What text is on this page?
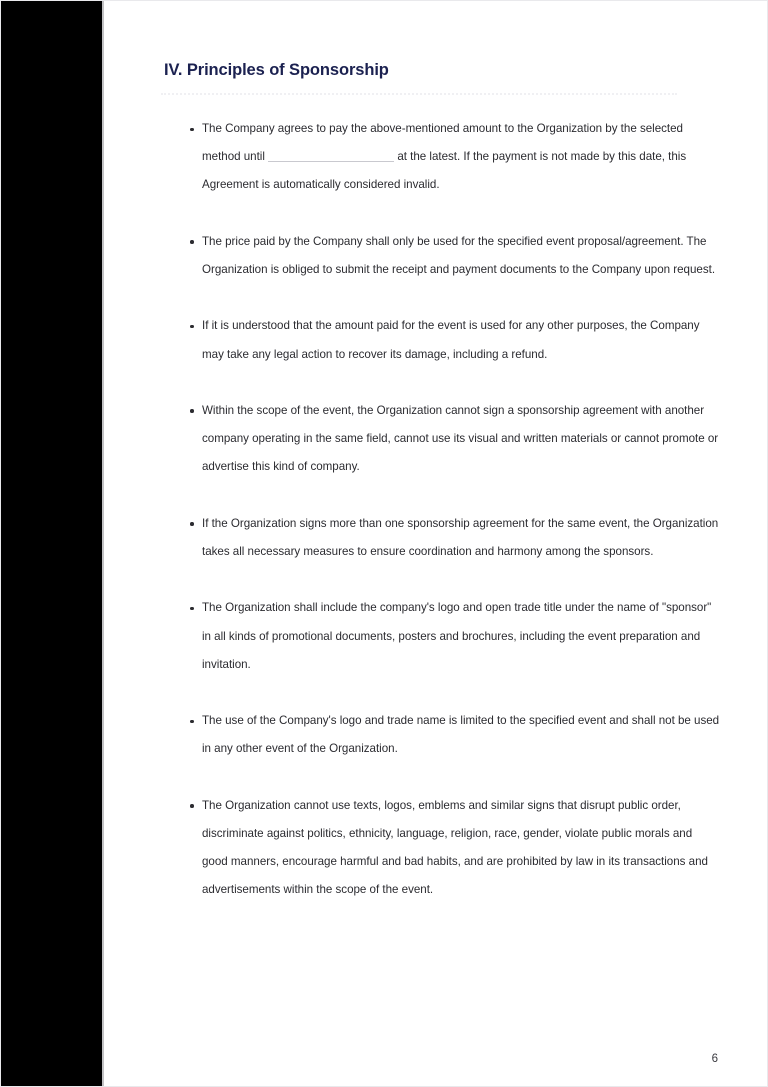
IV. Principles of Sponsorship
The Company agrees to pay the above-mentioned amount to the Organization by the selected method until	at the latest. If the payment is not made by this date, this Agreement is automatically considered invalid.
The price paid by the Company shall only be used for the specified event proposal/agreement. The Organization is obliged to submit the receipt and payment documents to the Company upon request.
If it is understood that the amount paid for the event is used for any other purposes, the Company may take any legal action to recover its damage, including a refund.
Within the scope of the event, the Organization cannot sign a sponsorship agreement with another company operating in the same field, cannot use its visual and written materials or cannot promote or advertise this kind of company.
If the Organization signs more than one sponsorship agreement for the same event, the Organization takes all necessary measures to ensure coordination and harmony among the sponsors.
The Organization shall include the company's logo and open trade title under the name of "sponsor" in all kinds of promotional documents, posters and brochures, including the event preparation and invitation.
The use of the Company's logo and trade name is limited to the specified event and shall not be used in any other event of the Organization.
The Organization cannot use texts, logos, emblems and similar signs that disrupt public order, discriminate against politics, ethnicity, language, religion, race, gender, violate public morals and good manners, encourage harmful and bad habits, and are prohibited by law in its transactions and advertisements within the scope of the event.
6
